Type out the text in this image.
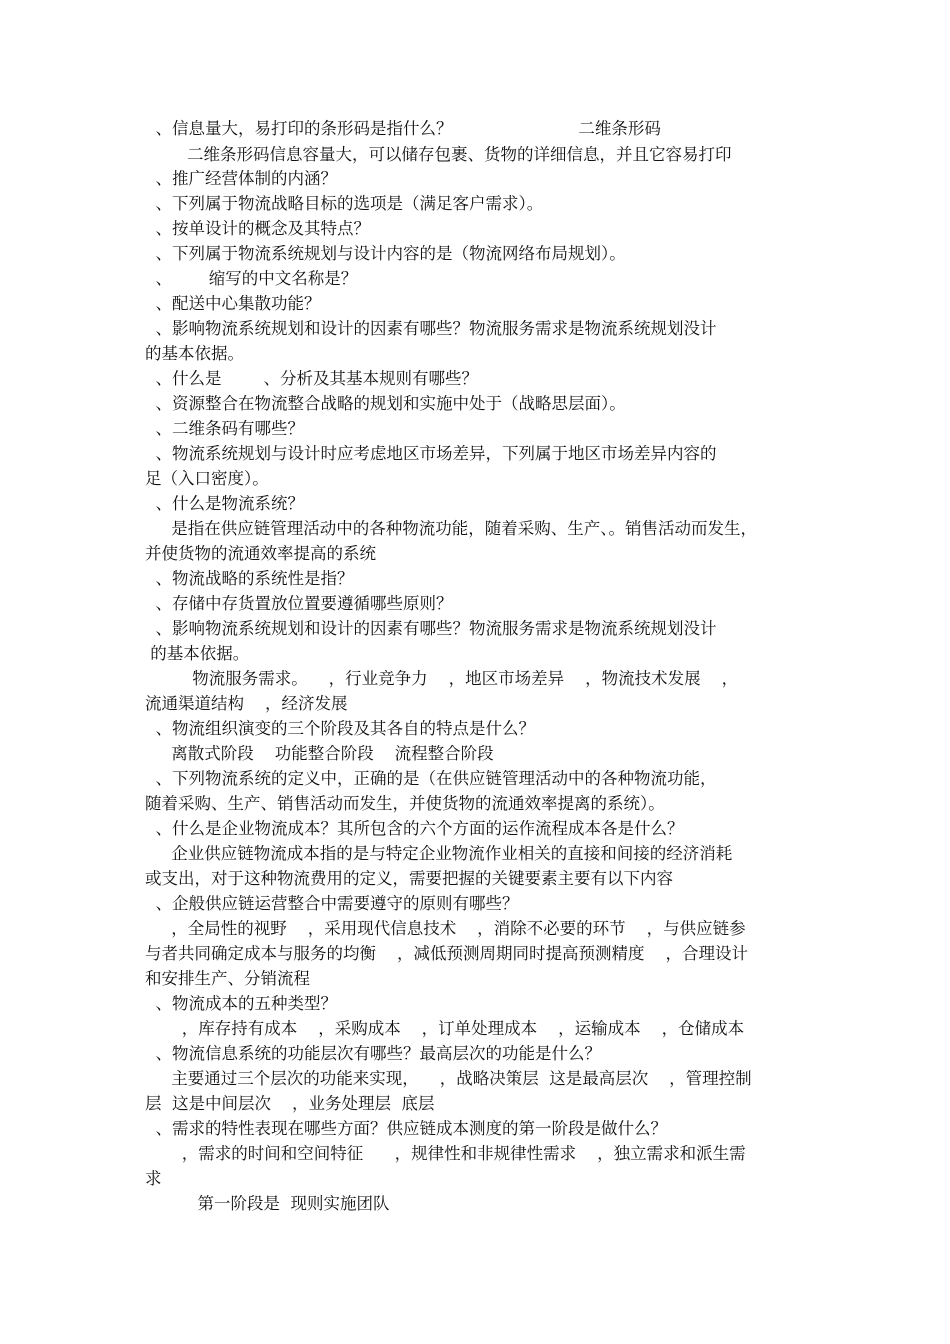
、信息量大，易打印的条形码是指什么？                        二维条形码
二维条形码信息容量大，可以储存包裹、货物的详细信息，并且它容易打印
、推广经营体制的内涵？
、下列属于物流战略目标的选项是（满足客户需求）。
、按单设计的概念及其特点？
、下列属于物流系统规划与设计内容的是（物流网络布局规划）。
、       缩写的中文名称是？
、配送中心集散功能？
、影响物流系统规划和设计的因素有哪些？物流服务需求是物流系统规划没计
的基本依据。
、什么是        、分析及其基本规则有哪些？
、资源整合在物流整合战略的规划和实施中处于（战略思层面）。
、二维条码有哪些？
、物流系统规划与设计时应考虑地区市场差异，下列属于地区市场差异内容的
足（入口密度）。
、什么是物流系统？
是指在供应链管理活动中的各种物流功能，随着采购、生产、。销售活动而发生，
并使货物的流通效率提高的系统
、物流战略的系统性是指？
、存储中存货置放位置要遵循哪些原则？
、影响物流系统规划和设计的因素有哪些？物流服务需求是物流系统规划没计
的基本依据。
物流服务需求。    ，行业竞争力    ，地区市场差异    ，物流技术发展    ，
流通渠道结构    ，经济发展
、物流组织演变的三个阶段及其各自的特点是什么？
离散式阶段    功能整合阶段    流程整合阶段
、下列物流系统的定义中，正确的是（在供应链管理活动中的各种物流功能，
随着采购、生产、销售活动而发生，并使货物的流通效率提离的系统）。
、什么是企业物流成本？其所包含的六个方面的运作流程成本各是什么？
企业供应链物流成本指的是与特定企业物流作业相关的直接和间接的经济消耗
或支出，对于这种物流费用的定义，需要把握的关键要素主要有以下内容
、企般供应链运营整合中需要遵守的原则有哪些？
，全局性的视野    ，采用现代信息技术    ，消除不必要的环节    ，与供应链参
与者共同确定成本与服务的均衡    ，减低预测周期同时提高预测精度    ，合理设计
和安排生产、分销流程
、物流成本的五种类型？
，库存持有成本    ，采购成本    ，订单处理成本    ，运输成本    ，仓储成本
、物流信息系统的功能层次有哪些？最高层次的功能是什么？
主要通过三个层次的功能来实现，    ，战略决策层  这是最高层次    ，管理控制
层  这是中间层次    ，业务处理层  底层
、需求的特性表现在哪些方面？供应链成本测度的第一阶段是做什么？
，需求的时间和空间特征      ，规律性和非规律性需求    ，独立需求和派生需
求
第一阶段是  现则实施团队
